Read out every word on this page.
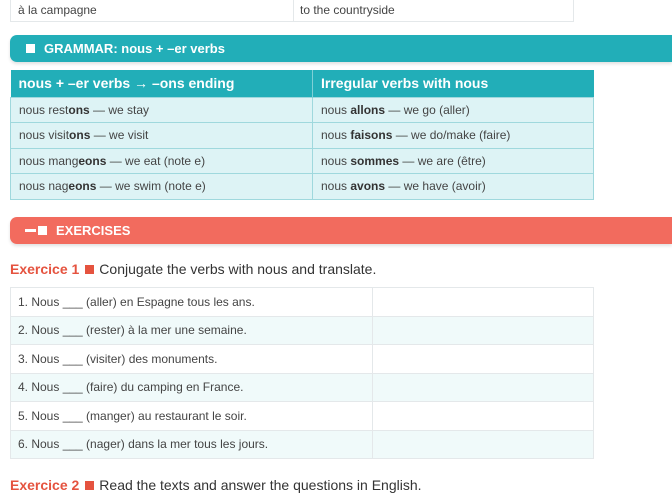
à la campagne	to the countryside
GRAMMAR: nous + –er verbs
nous + –er verbs → –ons ending	Irregular verbs with nous
nous restons — we stay	nous allons — we go (aller)
nous visitons — we visit	nous faisons — we do/make (faire)
nous mangeons — we eat (note e)	nous sommes — we are (être)
nous nageons — we swim (note e)	nous avons — we have (avoir)
EXERCISES
Exercice 1 Conjugate the verbs with nous and translate.
1. Nous ___ (aller) en Espagne tous les ans.	
2. Nous ___ (rester) à la mer une semaine.	
3. Nous ___ (visiter) des monuments.	
4. Nous ___ (faire) du camping en France.	
5. Nous ___ (manger) au restaurant le soir.	
6. Nous ___ (nager) dans la mer tous les jours.	
Exercice 2 Read the texts and answer the questions in English.
